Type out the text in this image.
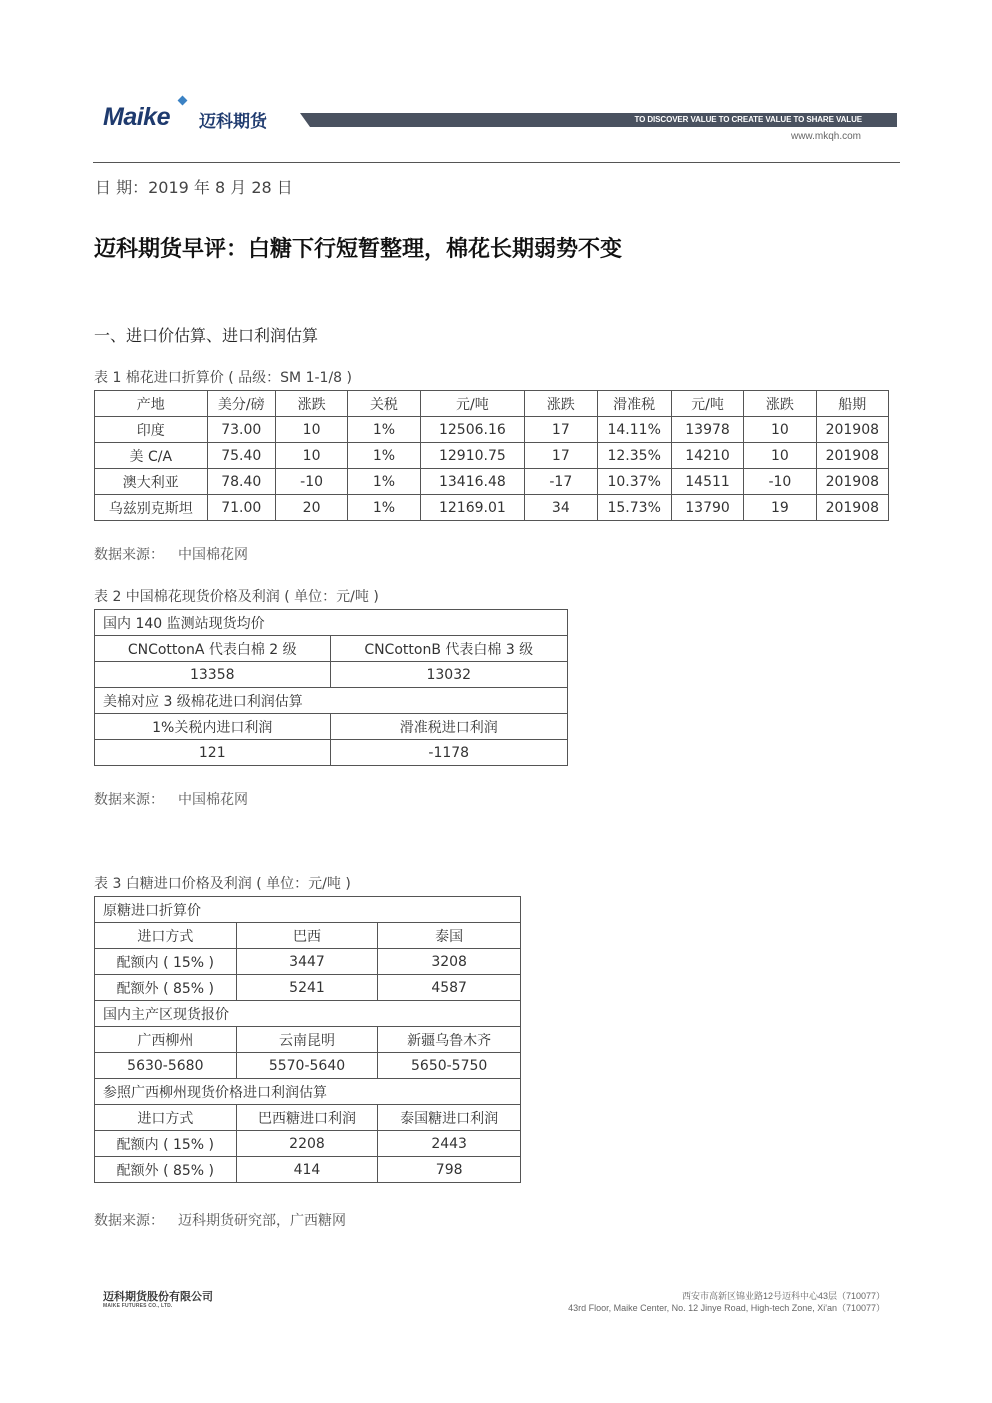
Maike 迈科期货	TO DISCOVER VALUE TO CREATE VALUE TO SHARE VALUE
www.mkqh.com
日 期：2019 年 8 月 28 日
迈科期货早评：白糖下行短暂整理，棉花长期弱势不变
一、进口价估算、进口利润估算
表 1 棉花进口折算价 ( 品级：SM 1-1/8 )
产地	美分/磅	涨跌	关税	元/吨	涨跌	滑准税	元/吨	涨跌	船期
印度	73.00	10	1%	12506.16	17	14.11%	13978	10	201908
美 C/A	75.40	10	1%	12910.75	17	12.35%	14210	10	201908
澳大利亚	78.40	-10	1%	13416.48	-17	10.37%	14511	-10	201908
乌兹别克斯坦	71.00	20	1%	12169.01	34	15.73%	13790	19	201908
数据来源： 中国棉花网
表 2 中国棉花现货价格及利润 ( 单位：元/吨 )
国内 140 监测站现货均价	
CNCottonA 代表白棉 2 级	CNCottonB 代表白棉 3 级
13358	13032
美棉对应 3 级棉花进口利润估算	
1%关税内进口利润	滑准税进口利润
121	-1178
数据来源： 中国棉花网
表 3 白糖进口价格及利润 ( 单位：元/吨 )
原糖进口折算价		
进口方式	巴西	泰国
配额内 ( 15% )	3447	3208
配额外 ( 85% )	5241	4587
国内主产区现货报价		
广西柳州	云南昆明	新疆乌鲁木齐
5630-5680	5570-5640	5650-5750
参照广西柳州现货价格进口利润估算		
进口方式	巴西糖进口利润	泰国糖进口利润
配额内 ( 15% )	2208	2443
配额外 ( 85% )	414	798
数据来源： 迈科期货研究部，广西糖网
迈科期货股份有限公司
MAIKE FUTURES CO., LTD.
西安市高新区锦业路12号迈科中心43层（710077）
43rd Floor, Maike Center, No. 12 Jinye Road, High-tech Zone, Xi'an（710077）
